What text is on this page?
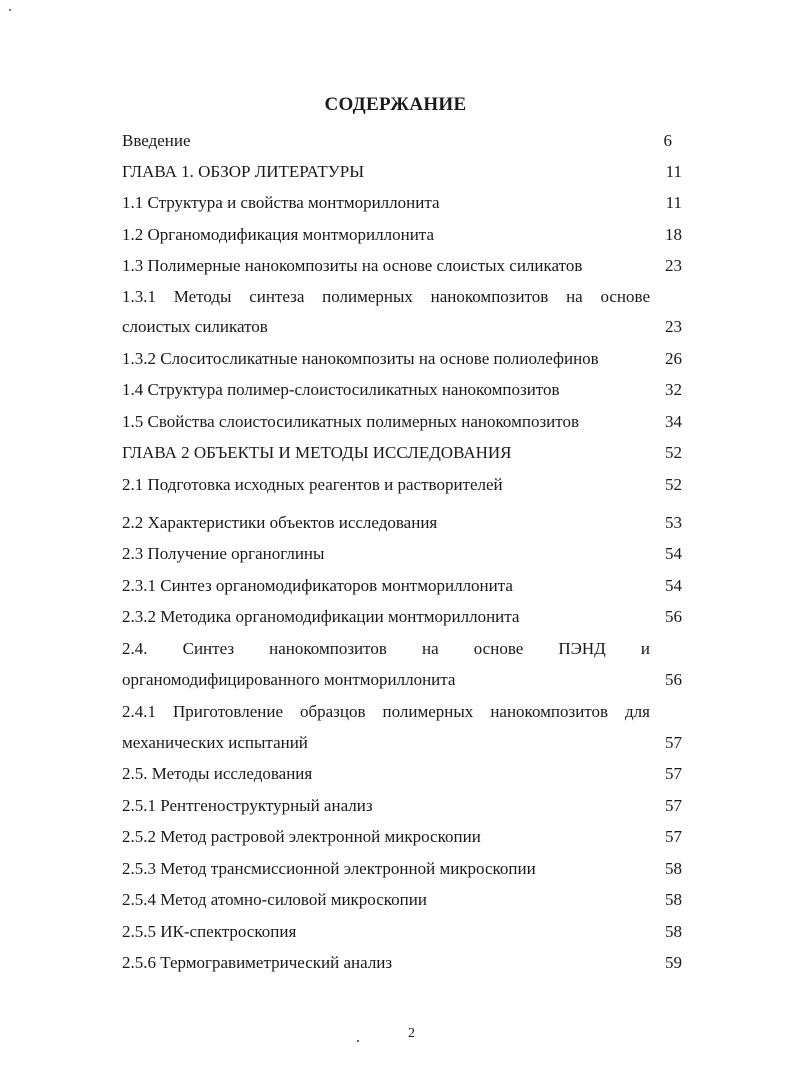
СОДЕРЖАНИЕ
Введение	6
ГЛАВА 1. ОБЗОР ЛИТЕРАТУРЫ	11
1.1 Структура и свойства монтмориллонита	11
1.2 Органомодификация монтмориллонита	18
1.3 Полимерные нанокомпозиты на основе слоистых силикатов	23
1.3.1 Методы синтеза полимерных нанокомпозитов на основе
слоистых силикатов	23
1.3.2 Слоситосликатные нанокомпозиты на основе полиолефинов	26
1.4 Структура полимер-слоистосиликатных нанокомпозитов	32
1.5 Свойства слоистосиликатных полимерных нанокомпозитов	34
ГЛАВА 2 ОБЪЕКТЫ И МЕТОДЫ ИССЛЕДОВАНИЯ	52
2.1 Подготовка исходных реагентов и растворителей	52
2.2 Характеристики объектов исследования	53
2.3 Получение органоглины	54
2.3.1 Синтез органомодификаторов монтмориллонита	54
2.3.2 Методика органомодификации монтмориллонита	56
2.4. Синтез нанокомпозитов на основе ПЭНД и
органомодифицированного монтмориллонита	56
2.4.1 Приготовление образцов полимерных нанокомпозитов для
механических испытаний	57
2.5. Методы исследования	57
2.5.1 Рентгеноструктурный анализ	57
2.5.2 Метод растровой электронной микроскопии	57
2.5.3 Метод трансмиссионной электронной микроскопии	58
2.5.4 Метод атомно-силовой микроскопии	58
2.5.5 ИК-спектроскопия	58
2.5.6 Термогравиметрический анализ	59
2
